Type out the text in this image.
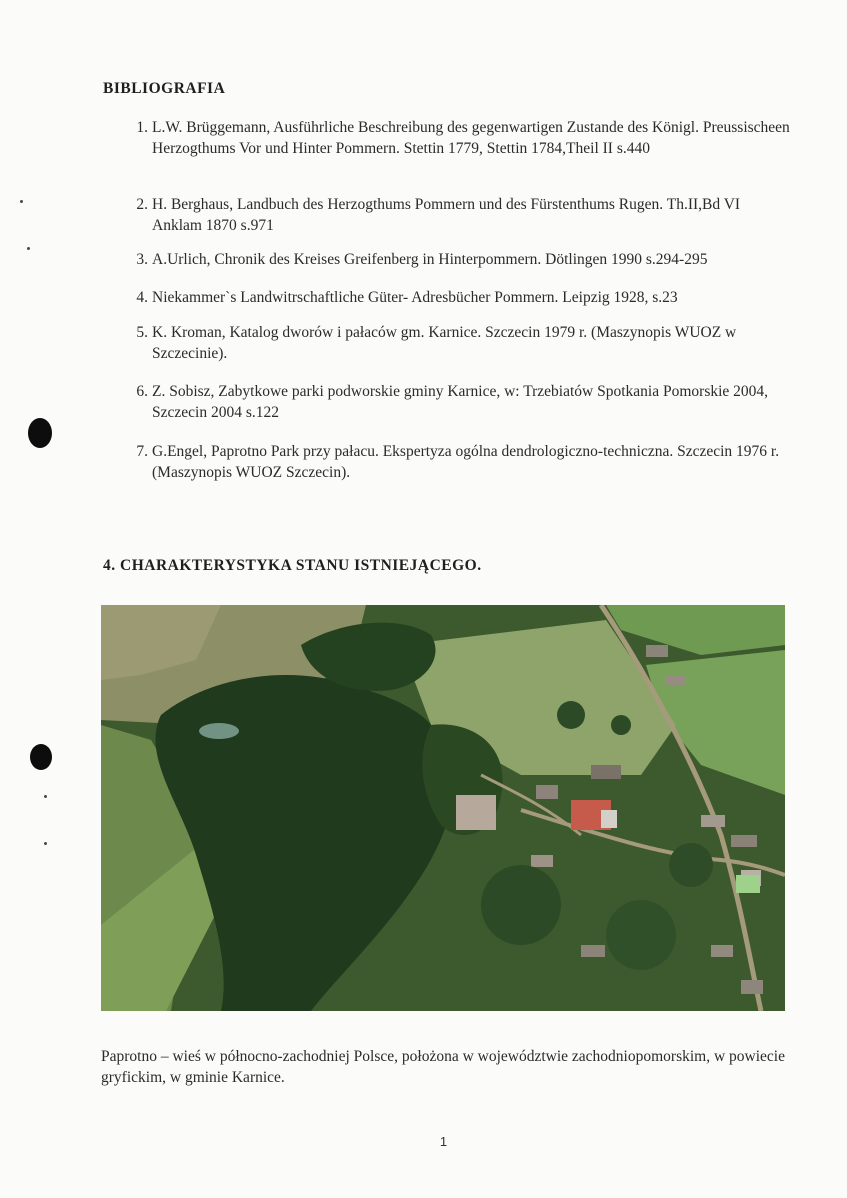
BIBLIOGRAFIA
1. L.W. Brüggemann, Ausführliche Beschreibung des gegenwartigen Zustande des Königl. Preussischeen Herzogthums Vor und Hinter Pommern. Stettin 1779, Stettin 1784,Theil II s.440
2. H. Berghaus, Landbuch des Herzogthums Pommern und des Fürstenthums Rugen. Th.II,Bd VI Anklam 1870 s.971
3. A.Urlich, Chronik des Kreises Greifenberg in Hinterpommern. Dötlingen 1990 s.294-295
4. Niekammer`s Landwitrschaftliche Güter- Adresbücher Pommern. Leipzig 1928, s.23
5. K. Kroman, Katalog dworów i pałaców gm. Karnice. Szczecin 1979 r. (Maszynopis WUOZ w Szczecinie).
6. Z. Sobisz, Zabytkowe parki podworskie gminy Karnice, w: Trzebiatów Spotkania Pomorskie 2004, Szczecin 2004 s.122
7. G.Engel, Paprotno Park przy pałacu. Ekspertyza ogólna dendrologiczno-techniczna. Szczecin 1976 r. (Maszynopis WUOZ Szczecin).
4. CHARAKTERYSTYKA STANU ISTNIEJĄCEGO.
Paprotno – wieś w północno-zachodniej Polsce, położona w województwie zachodniopomorskim, w powiecie gryfickim, w gminie Karnice.
1
